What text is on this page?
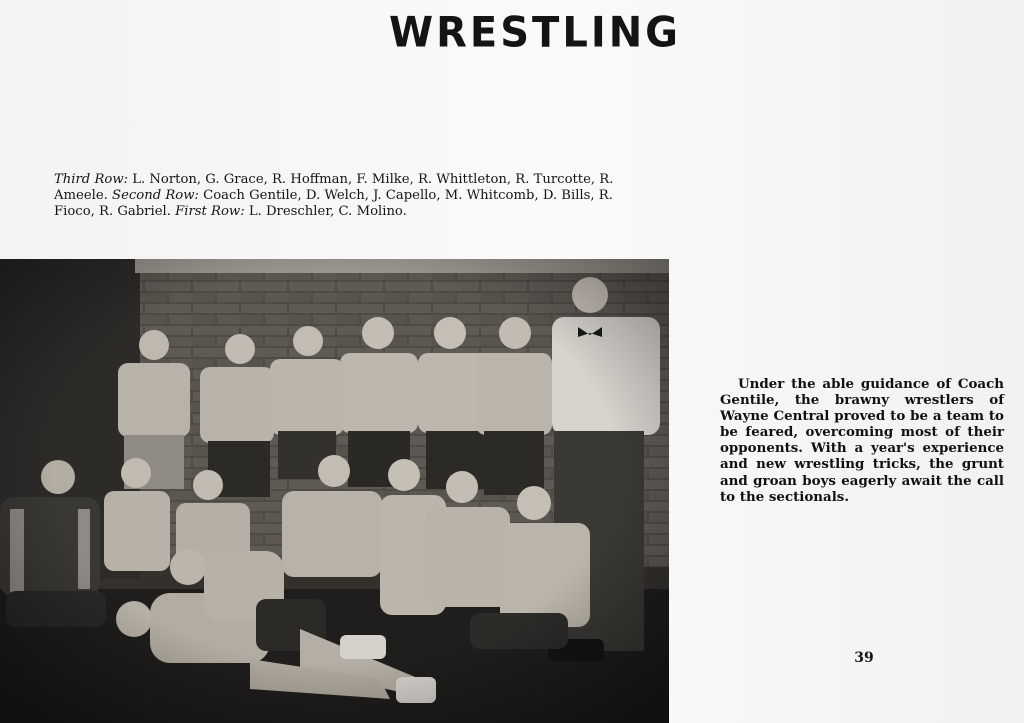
WRESTLING
Third Row: L. Norton, G. Grace, R. Hoffman, F. Milke, R. Whittleton, R. Turcotte, R. Ameele. Second Row: Coach Gentile, D. Welch, J. Capello, M. Whitcomb, D. Bills, R. Fioco, R. Gabriel. First Row: L. Dreschler, C. Molino.
Under the able guidance of Coach Gentile, the brawny wrestlers of Wayne Central proved to be a team to be feared, overcoming most of their opponents. With a year's experience and new wrestling tricks, the grunt and groan boys eagerly await the call to the sectionals.
39
